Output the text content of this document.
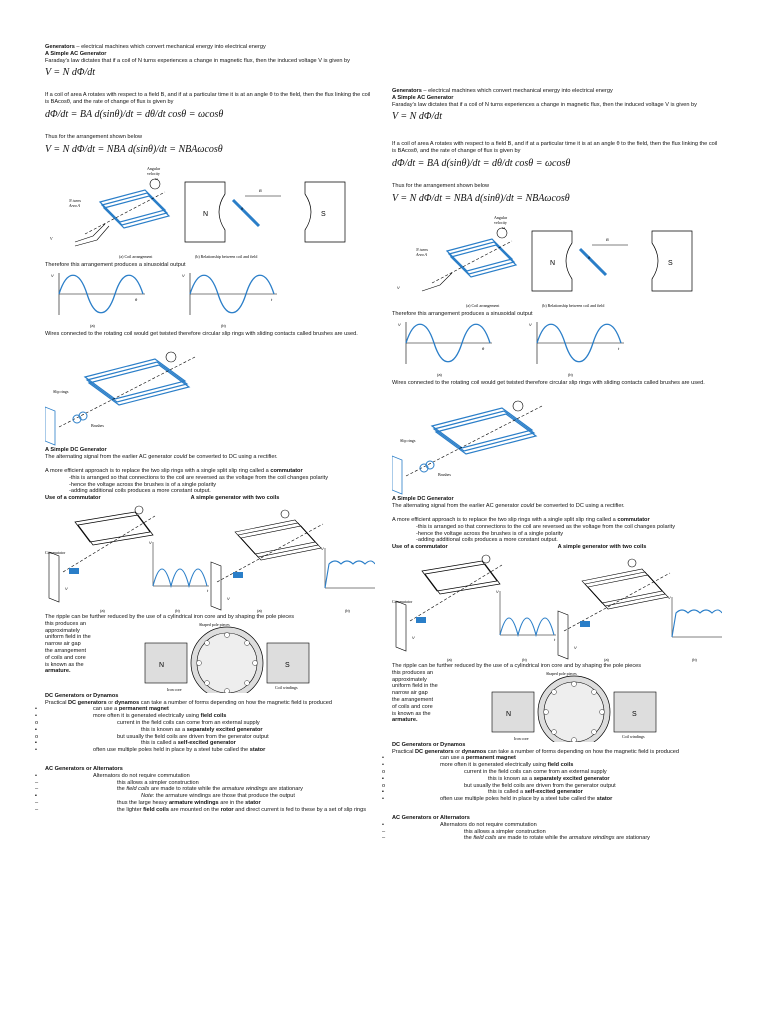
Generators – electrical machines which convert mechanical energy into electrical energy

A Simple AC Generator

Faraday’s law dictates that if a coil of N turns experiences a change in magnetic flux, then the induced voltage V is given by

V = N dΦ/dt

If a coil of area A rotates with respect to a field B, and if at a particular time it is at an angle θ to the field, then the flux linking the coil is BAcosθ, and the rate of change of flux is given by

dΦ/dt = BA d(sinθ)/dt = dθ/dt cosθ = ωcosθ

Thus for the arrangement shown below

V = N dΦ/dt = NBA d(sinθ)/dt = NBAωcosθ
Angular
velocity
ω
N turns
Area A
V
N	S
B
θ
(a) Coil arrangement	(b) Relationship between coil and field

Therefore this arrangement produces a sinusoidal output

V	V
θ	t
(a)	(b)

Wires connected to the rotating coil would get twisted therefore circular slip rings with sliding contacts called brushes are used.

Slip rings
Brushes

A Simple DC Generator

The alternating signal from the earlier AC generator could be converted to DC using a rectifier.

A more efficient approach is to replace the two slip rings with a single split slip ring called a commutator

-this is arranged so that connections to the coil are reversed as the voltage from the coil changes polarity

-hence the voltage across the brushes is of a single polarity

-adding additional coils produces a more constant output.

Use of a commutator	A simple generator with two coils

Commutator
V
V
t
V
V
(a)	(b)	(a)	(b)

The ripple can be further reduced by the use of a cylindrical iron core and by shaping the pole pieces

this produces an

approximately

uniform field in the

narrow air gap

the arrangement

of coils and core

is known as the

armature.

N	S
Shaped pole pieces
Iron core	Coil windings

DC Generators or Dynamos

Practical DC generators or dynamos can take a number of forms depending on how the magnetic field is produced

•	can use a permanent magnet

•	more often it is generated electrically using field coils

o	current in the field coils can come from an external supply

▪	this is known as a separately excited generator

o	but usually the field coils are driven from the generator output

▪	this is called a self-excited generator

•	often use multiple poles held in place by a steel tube called the stator

AC Generators or Alternators

•	Alternators do not require commutation

–	this allows a simpler construction

–	the field coils are made to rotate while the armature windings are stationary

▪	Note: the armature windings are those that produce the output

–	thus the large heavy armature windings are in the stator

–	the lighter field coils are mounted on the rotor and direct current is fed to these by a set of slip rings

Generators – electrical machines which convert mechanical energy into electrical energy

A Simple AC Generator

Faraday’s law dictates that if a coil of N turns experiences a change in magnetic flux, then the induced voltage V is given by

V = N dΦ/dt

If a coil of area A rotates with respect to a field B, and if at a particular time it is at an angle θ to the field, then the flux linking the coil is BAcosθ, and the rate of change of flux is given by

dΦ/dt = BA d(sinθ)/dt = dθ/dt cosθ = ωcosθ

Thus for the arrangement shown below

V = N dΦ/dt = NBA d(sinθ)/dt = NBAωcosθ
Angular
velocity
ω
N turns
Area A
V
N	S
B
θ
(a) Coil arrangement	(b) Relationship between coil and field

Therefore this arrangement produces a sinusoidal output

V	V
θ	t
(a)	(b)

Wires connected to the rotating coil would get twisted therefore circular slip rings with sliding contacts called brushes are used.

Slip rings
Brushes

A Simple DC Generator

The alternating signal from the earlier AC generator could be converted to DC using a rectifier.

A more efficient approach is to replace the two slip rings with a single split slip ring called a commutator

-this is arranged so that connections to the coil are reversed as the voltage from the coil changes polarity

-hence the voltage across the brushes is of a single polarity

-adding additional coils produces a more constant output.

Use of a commutator	A simple generator with two coils

Commutator
V
V
t
V
V
(a)	(b)	(a)	(b)

The ripple can be further reduced by the use of a cylindrical iron core and by shaping the pole pieces

this produces an

approximately

uniform field in the

narrow air gap

the arrangement

of coils and core

is known as the

armature.

N	S
Shaped pole pieces
Iron core	Coil windings

DC Generators or Dynamos

Practical DC generators or dynamos can take a number of forms depending on how the magnetic field is produced

•	can use a permanent magnet

•	more often it is generated electrically using field coils

o	current in the field coils can come from an external supply

▪	this is known as a separately excited generator

o	but usually the field coils are driven from the generator output

▪	this is called a self-excited generator

•	often use multiple poles held in place by a steel tube called the stator

AC Generators or Alternators

•	Alternators do not require commutation

–	this allows a simpler construction

–	the field coils are made to rotate while the armature windings are stationary
